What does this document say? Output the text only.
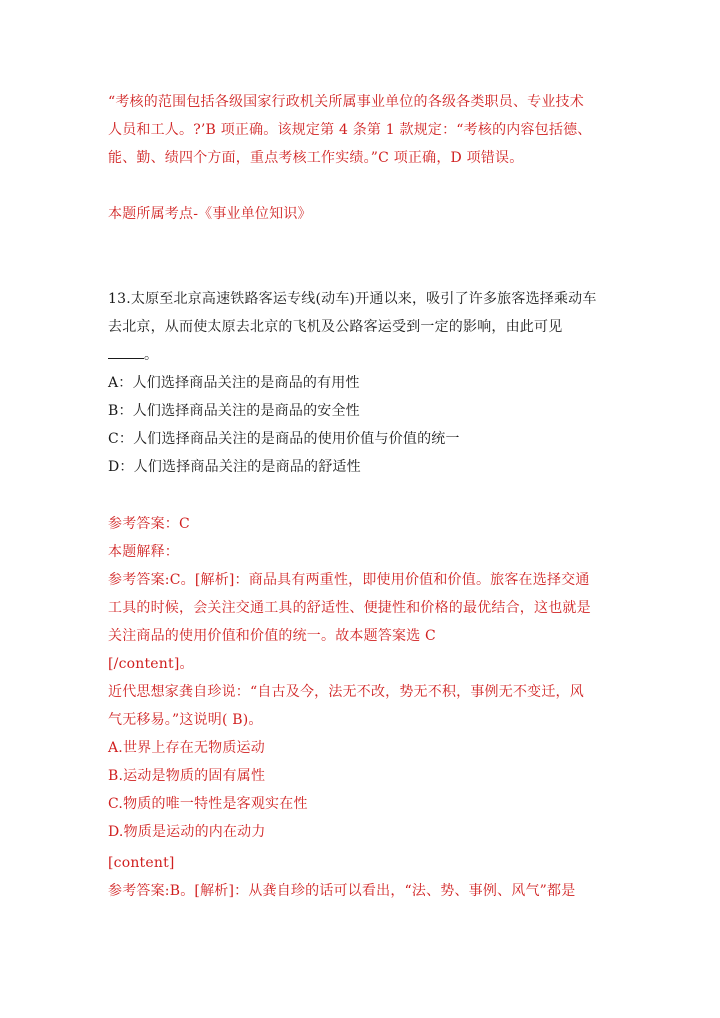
“考核的范围包括各级国家行政机关所属事业单位的各级各类职员、专业技术
人员和工人。?’B 项正确。该规定第 4 条第 1 款规定：“考核的内容包括德、
能、勤、绩四个方面，重点考核工作实绩。”C 项正确，D 项错误。
本题所属考点-《事业单位知识》
13.太原至北京高速铁路客运专线(动车)开通以来，吸引了许多旅客选择乘动车
去北京，从而使太原去北京的飞机及公路客运受到一定的影响，由此可见
。
A：人们选择商品关注的是商品的有用性
B：人们选择商品关注的是商品的安全性
C：人们选择商品关注的是商品的使用价值与价值的统一
D：人们选择商品关注的是商品的舒适性
参考答案：C
本题解释：
参考答案:C。[解析]：商品具有两重性，即使用价值和价值。旅客在选择交通
工具的时候，会关注交通工具的舒适性、便捷性和价格的最优结合，这也就是
关注商品的使用价值和价值的统一。故本题答案选 C
[/content]。
近代思想家龚自珍说：“自古及今，法无不改，势无不积，事例无不变迁，风
气无移易。”这说明( B)。
A.世界上存在无物质运动
B.运动是物质的固有属性
C.物质的唯一特性是客观实在性
D.物质是运动的内在动力
[content]
参考答案:B。[解析]：从龚自珍的话可以看出，“法、势、事例、风气”都是
